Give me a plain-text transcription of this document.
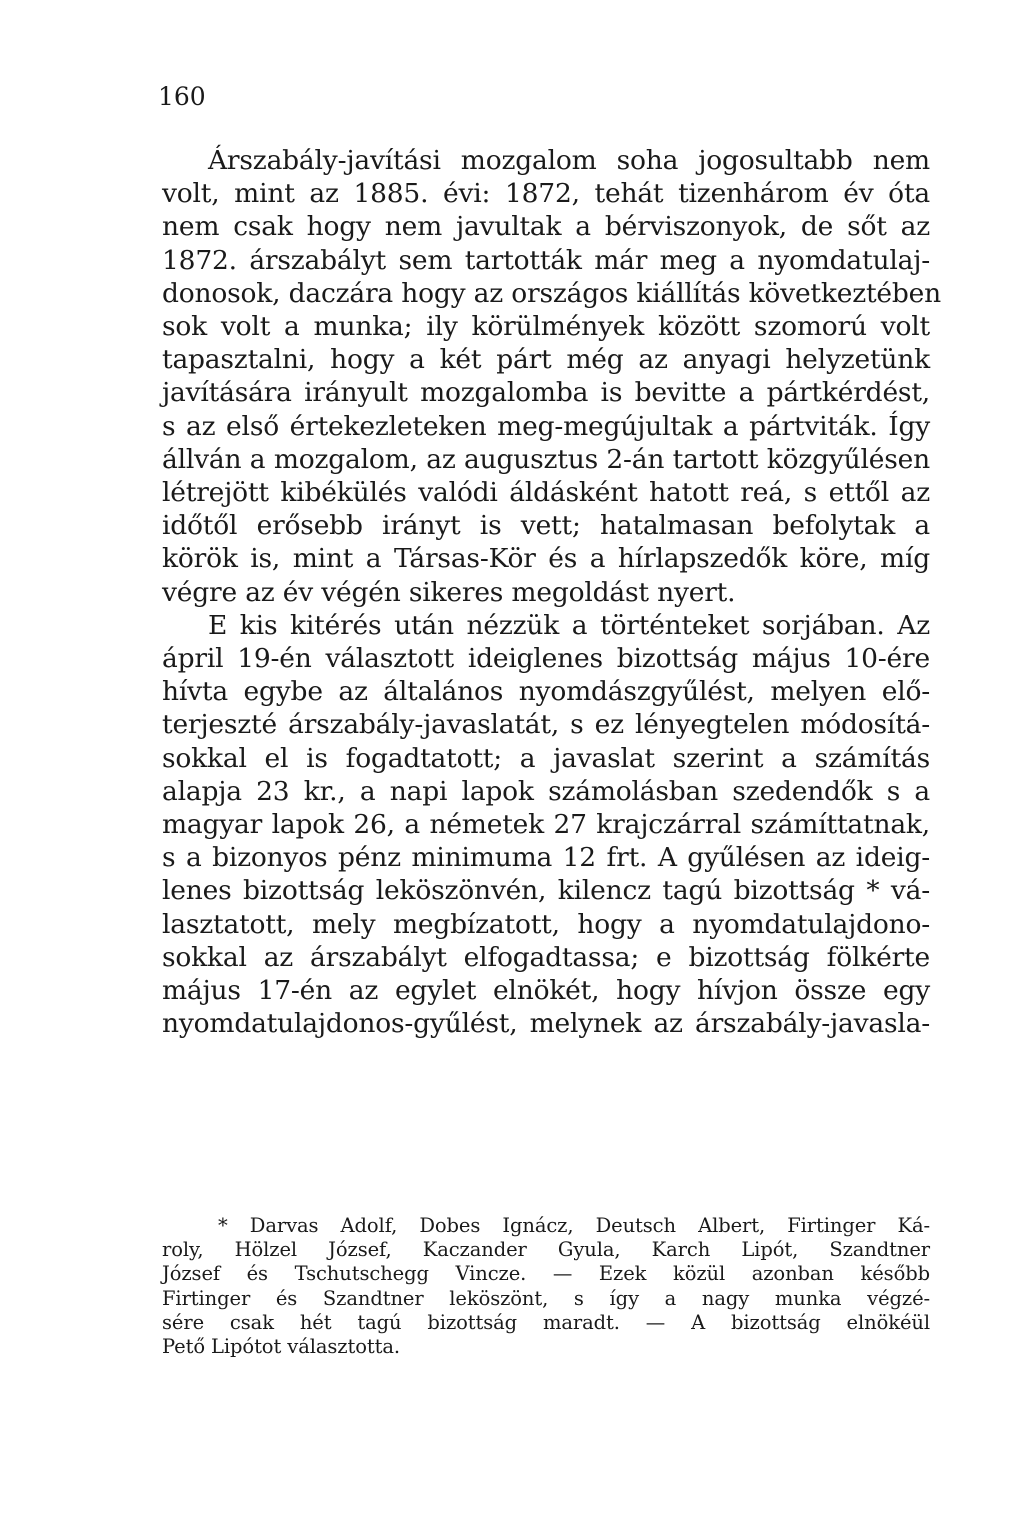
160
Árszabály-javítási mozgalom soha jogosultabb nem
volt, mint az 1885. évi: 1872, tehát tizenhárom év óta
nem csak hogy nem javultak a bérviszonyok, de sőt az
1872. árszabályt sem tartották már meg a nyomdatulaj-
donosok, daczára hogy az országos kiállítás következtében
sok volt a munka; ily körülmények között szomorú volt
tapasztalni, hogy a két párt még az anyagi helyzetünk
javítására irányult mozgalomba is bevitte a pártkérdést,
s az első értekezleteken meg-megújultak a pártviták. Így
állván a mozgalom, az augusztus 2-án tartott közgyűlésen
létrejött kibékülés valódi áldásként hatott reá, s ettől az
időtől erősebb irányt is vett; hatalmasan befolytak a
körök is, mint a Társas-Kör és a hírlapszedők köre, míg
végre az év végén sikeres megoldást nyert.
E kis kitérés után nézzük a történteket sorjában. Az
ápril 19-én választott ideiglenes bizottság május 10-ére
hívta egybe az általános nyomdászgyűlést, melyen elő-
terjeszté árszabály-javaslatát, s ez lényegtelen módosítá-
sokkal el is fogadtatott; a javaslat szerint a számítás
alapja 23 kr., a napi lapok számolásban szedendők s a
magyar lapok 26, a németek 27 krajczárral számíttatnak,
s a bizonyos pénz minimuma 12 frt. A gyűlésen az ideig-
lenes bizottság leköszönvén, kilencz tagú bizottság * vá-
lasztatott, mely megbízatott, hogy a nyomdatulajdono-
sokkal az árszabályt elfogadtassa; e bizottság fölkérte
május 17-én az egylet elnökét, hogy hívjon össze egy
nyomdatulajdonos-gyűlést, melynek az árszabály-javasla-
* Darvas Adolf, Dobes Ignácz, Deutsch Albert, Firtinger Ká-
roly, Hölzel József, Kaczander Gyula, Karch Lipót, Szandtner
József és Tschutschegg Vincze. — Ezek közül azonban később
Firtinger és Szandtner leköszönt, s így a nagy munka végzé-
sére csak hét tagú bizottság maradt. — A bizottság elnökéül
Pető Lipótot választotta.
